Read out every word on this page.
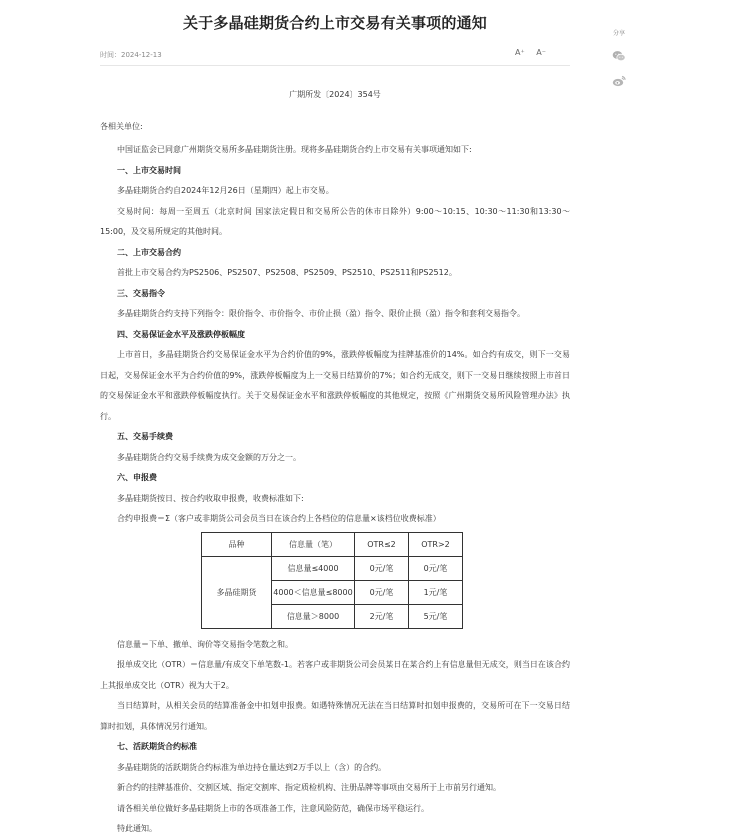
关于多晶硅期货合约上市交易有关事项的通知
时间：2024-12-13	A⁺ A⁻
广期所发〔2024〕354号
各相关单位:

中国证监会已同意广州期货交易所多晶硅期货注册。现将多晶硅期货合约上市交易有关事项通知如下:

一、上市交易时间

多晶硅期货合约自2024年12月26日（星期四）起上市交易。

交易时间：每周一至周五（北京时间 国家法定假日和交易所公告的休市日除外）9:00～10:15、10:30～11:30和13:30～15:00，及交易所规定的其他时间。

二、上市交易合约

首批上市交易合约为PS2506、PS2507、PS2508、PS2509、PS2510、PS2511和PS2512。

三、交易指令

多晶硅期货合约支持下列指令：限价指令、市价指令、市价止损（盈）指令、限价止损（盈）指令和套利交易指令。

四、交易保证金水平及涨跌停板幅度

上市首日，多晶硅期货合约交易保证金水平为合约价值的9%，涨跌停板幅度为挂牌基准价的14%。如合约有成交，则下一交易日起，交易保证金水平为合约价值的9%，涨跌停板幅度为上一交易日结算价的7%；如合约无成交，则下一交易日继续按照上市首日的交易保证金水平和涨跌停板幅度执行。关于交易保证金水平和涨跌停板幅度的其他规定，按照《广州期货交易所风险管理办法》执行。

五、交易手续费

多晶硅期货合约交易手续费为成交金额的万分之一。

六、申报费

多晶硅期货按日、按合约收取申报费，收费标准如下:

合约申报费＝Σ（客户或非期货公司会员当日在该合约上各档位的信息量×该档位收费标准）

品种	信息量（笔）	OTR≤2	OTR>2
多晶硅期货	信息量≤4000	0元/笔	0元/笔
	4000＜信息量≤8000	0元/笔	1元/笔
	信息量＞8000	2元/笔	5元/笔

信息量＝下单、撤单、询价等交易指令笔数之和。

报单成交比（OTR）＝信息量/有成交下单笔数-1。若客户或非期货公司会员某日在某合约上有信息量但无成交，则当日在该合约上其报单成交比（OTR）视为大于2。

当日结算时，从相关会员的结算准备金中扣划申报费。如遇特殊情况无法在当日结算时扣划申报费的，交易所可在下一交易日结算时扣划，具体情况另行通知。

七、活跃期货合约标准

多晶硅期货的活跃期货合约标准为单边持仓量达到2万手以上（含）的合约。

新合约的挂牌基准价、交割区域、指定交割库、指定质检机构、注册品牌等事项由交易所于上市前另行通知。

请各相关单位做好多晶硅期货上市的各项准备工作，注意风险防范，确保市场平稳运行。

特此通知。

分享
